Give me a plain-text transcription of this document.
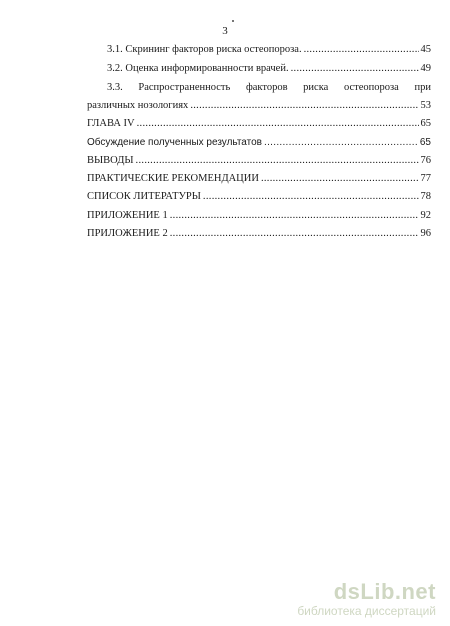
3
3.1. Скрининг факторов риска остеопороза. .....	45
3.2. Оценка информированности врачей. .....	49
3.3. Распространенность факторов риска остеопороза при
различных нозологиях .....	53
ГЛАВА IV .....	65
Обсуждение полученных результатов .....	65
ВЫВОДЫ .....	76
ПРАКТИЧЕСКИЕ РЕКОМЕНДАЦИИ .....	77
СПИСОК ЛИТЕРАТУРЫ .....	78
ПРИЛОЖЕНИЕ 1 .....	92
ПРИЛОЖЕНИЕ 2 .....	96
dsLib.net
библиотека диссертаций
